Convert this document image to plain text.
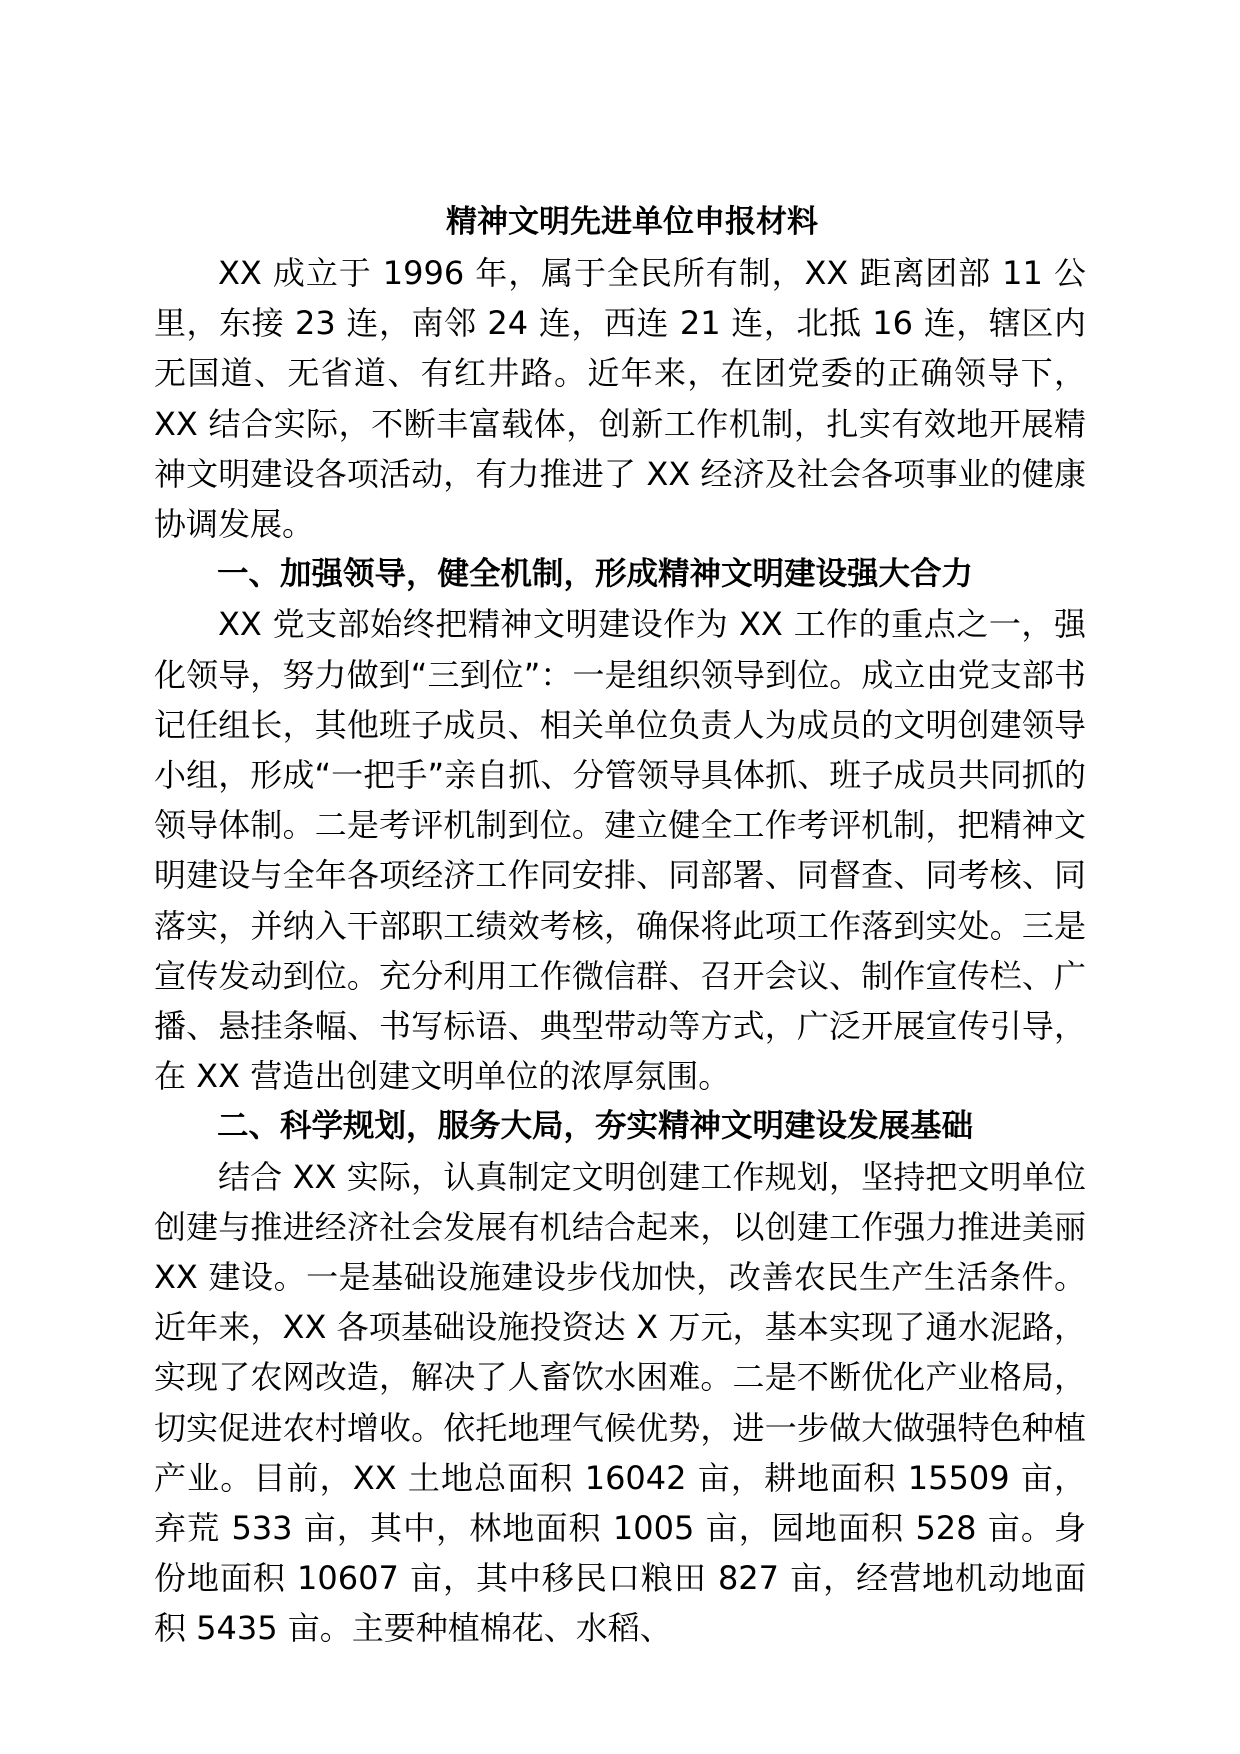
精神文明先进单位申报材料

XX 成立于 1996 年，属于全民所有制，XX 距离团部 11 公里，东接 23 连，南邻 24 连，西连 21 连，北抵 16 连，辖区内无国道、无省道、有红井路。近年来，在团党委的正确领导下，XX 结合实际，不断丰富载体，创新工作机制，扎实有效地开展精神文明建设各项活动，有力推进了 XX 经济及社会各项事业的健康协调发展。

一、加强领导，健全机制，形成精神文明建设强大合力

XX 党支部始终把精神文明建设作为 XX 工作的重点之一，强化领导，努力做到“三到位”：一是组织领导到位。成立由党支部书记任组长，其他班子成员、相关单位负责人为成员的文明创建领导小组，形成“一把手”亲自抓、分管领导具体抓、班子成员共同抓的领导体制。二是考评机制到位。建立健全工作考评机制，把精神文明建设与全年各项经济工作同安排、同部署、同督查、同考核、同落实，并纳入干部职工绩效考核，确保将此项工作落到实处。三是宣传发动到位。充分利用工作微信群、召开会议、制作宣传栏、广播、悬挂条幅、书写标语、典型带动等方式，广泛开展宣传引导，在 XX 营造出创建文明单位的浓厚氛围。

二、科学规划，服务大局，夯实精神文明建设发展基础

结合 XX 实际，认真制定文明创建工作规划，坚持把文明单位创建与推进经济社会发展有机结合起来，以创建工作强力推进美丽 XX 建设。一是基础设施建设步伐加快，改善农民生产生活条件。近年来，XX 各项基础设施投资达 X 万元，基本实现了通水泥路，实现了农网改造，解决了人畜饮水困难。二是不断优化产业格局，切实促进农村增收。依托地理气候优势，进一步做大做强特色种植产业。目前，XX 土地总面积 16042 亩，耕地面积 15509 亩，弃荒 533 亩，其中，林地面积 1005 亩，园地面积 528 亩。身份地面积 10607 亩，其中移民口粮田 827 亩，经营地机动地面积 5435 亩。主要种植棉花、水稻、
